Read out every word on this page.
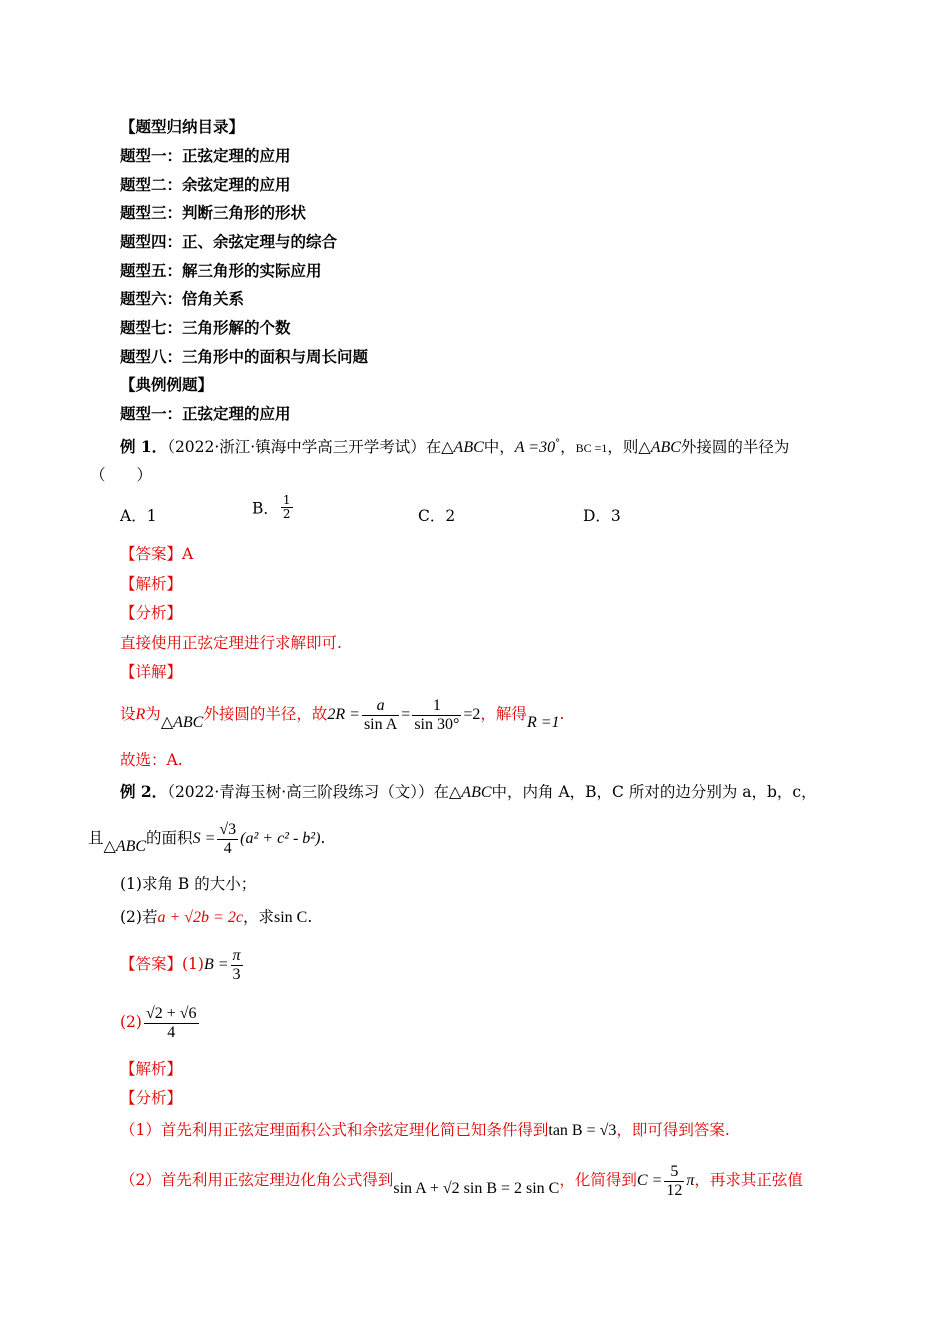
【题型归纳目录】
题型一：正弦定理的应用
题型二：余弦定理的应用
题型三：判断三角形的形状
题型四：正、余弦定理与的综合
题型五：解三角形的实际应用
题型六：倍角关系
题型七：三角形解的个数
题型八：三角形中的面积与周长问题
【典例例题】
题型一：正弦定理的应用
例 1．（2022·浙江·镇海中学高三开学考试）在△ABC中，A =30°，BC =1，则△ABC外接圆的半径为
（　　）
A．1	B． $\frac{1}{2}$	C．2	D．3
【答案】A
【解析】
【分析】
直接使用正弦定理进行求解即可.
【详解】
设R为△ABC外接圆的半径，故$2R = \frac{a}{\text{sin A}} = \frac{1}{\sin 30^\circ} =2$，解得R =1.
故选：A.
例 2．（2022·青海玉树·高三阶段练习（文））在△ABC中，内角 A，B，C 所对的边分别为 a，b，c，
且△ABC的面积$S = \frac{√3}{4} (a^2 + c^2 - b^2)$.
(1)求角 B 的大小；
(2)若a + √2b = 2c，求sin C.
【答案】$(1)B = \frac{\pi}{3}$
$(2) \frac{√2 + √6}{4}$
【解析】
【分析】
（1）首先利用正弦定理面积公式和余弦定理化简已知条件得到tan B = √3，即可得到答案.
（2）首先利用正弦定理边化角公式得到sin A + √2 sin B = 2 sin C，化简得到$C = \frac{5}{12}$ π，再求其正弦值
